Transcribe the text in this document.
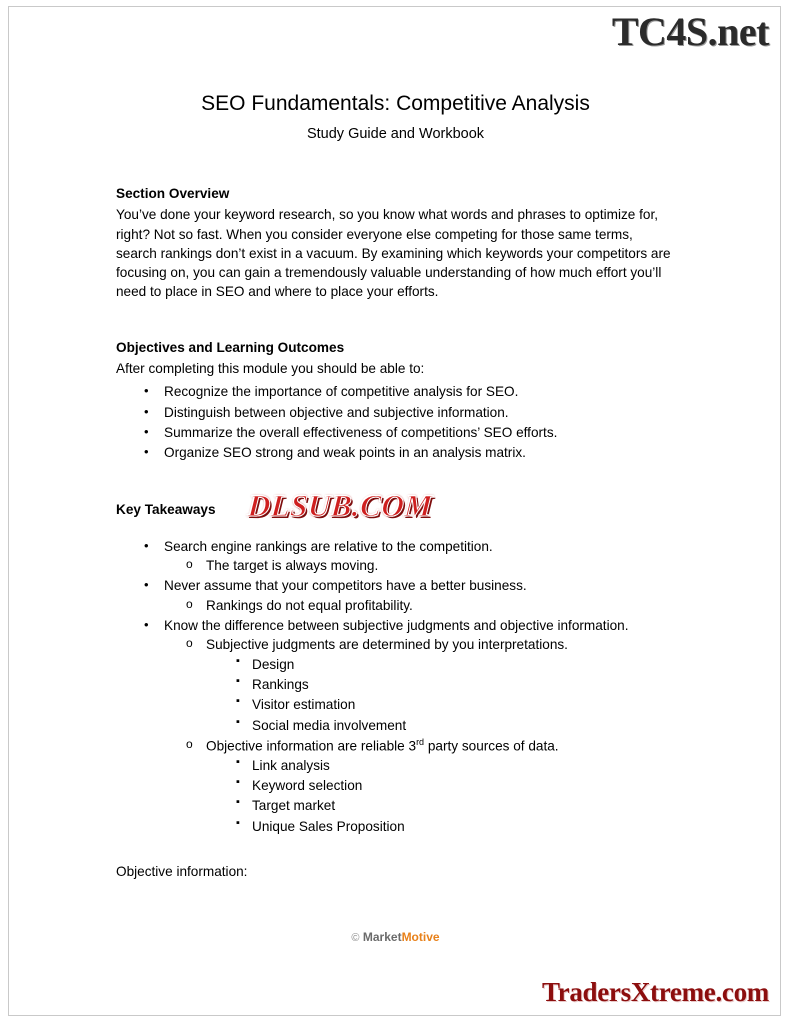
TC4S.net
SEO Fundamentals: Competitive Analysis
Study Guide and Workbook
Section Overview

You’ve done your keyword research, so you know what words and phrases to optimize for, right? Not so fast. When you consider everyone else competing for those same terms, search rankings don’t exist in a vacuum. By examining which keywords your competitors are focusing on, you can gain a tremendously valuable understanding of how much effort you’ll need to place in SEO and where to place your efforts.

Objectives and Learning Outcomes

After completing this module you should be able to:

• Recognize the importance of competitive analysis for SEO.
• Distinguish between objective and subjective information.
• Summarize the overall effectiveness of competitions’ SEO efforts.
• Organize SEO strong and weak points in an analysis matrix.
Key Takeaways
• Search engine rankings are relative to the competition.
o The target is always moving.
• Never assume that your competitors have a better business.
o Rankings do not equal profitability.
• Know the difference between subjective judgments and objective information.
o Subjective judgments are determined by you interpretations.
▪ Design
▪ Rankings
▪ Visitor estimation
▪ Social media involvement
o Objective information are reliable 3rd party sources of data.
▪ Link analysis
▪ Keyword selection
▪ Target market
▪ Unique Sales Proposition

Objective information:

DLSUB.COM
© MarketMotive
TradersXtreme.com
